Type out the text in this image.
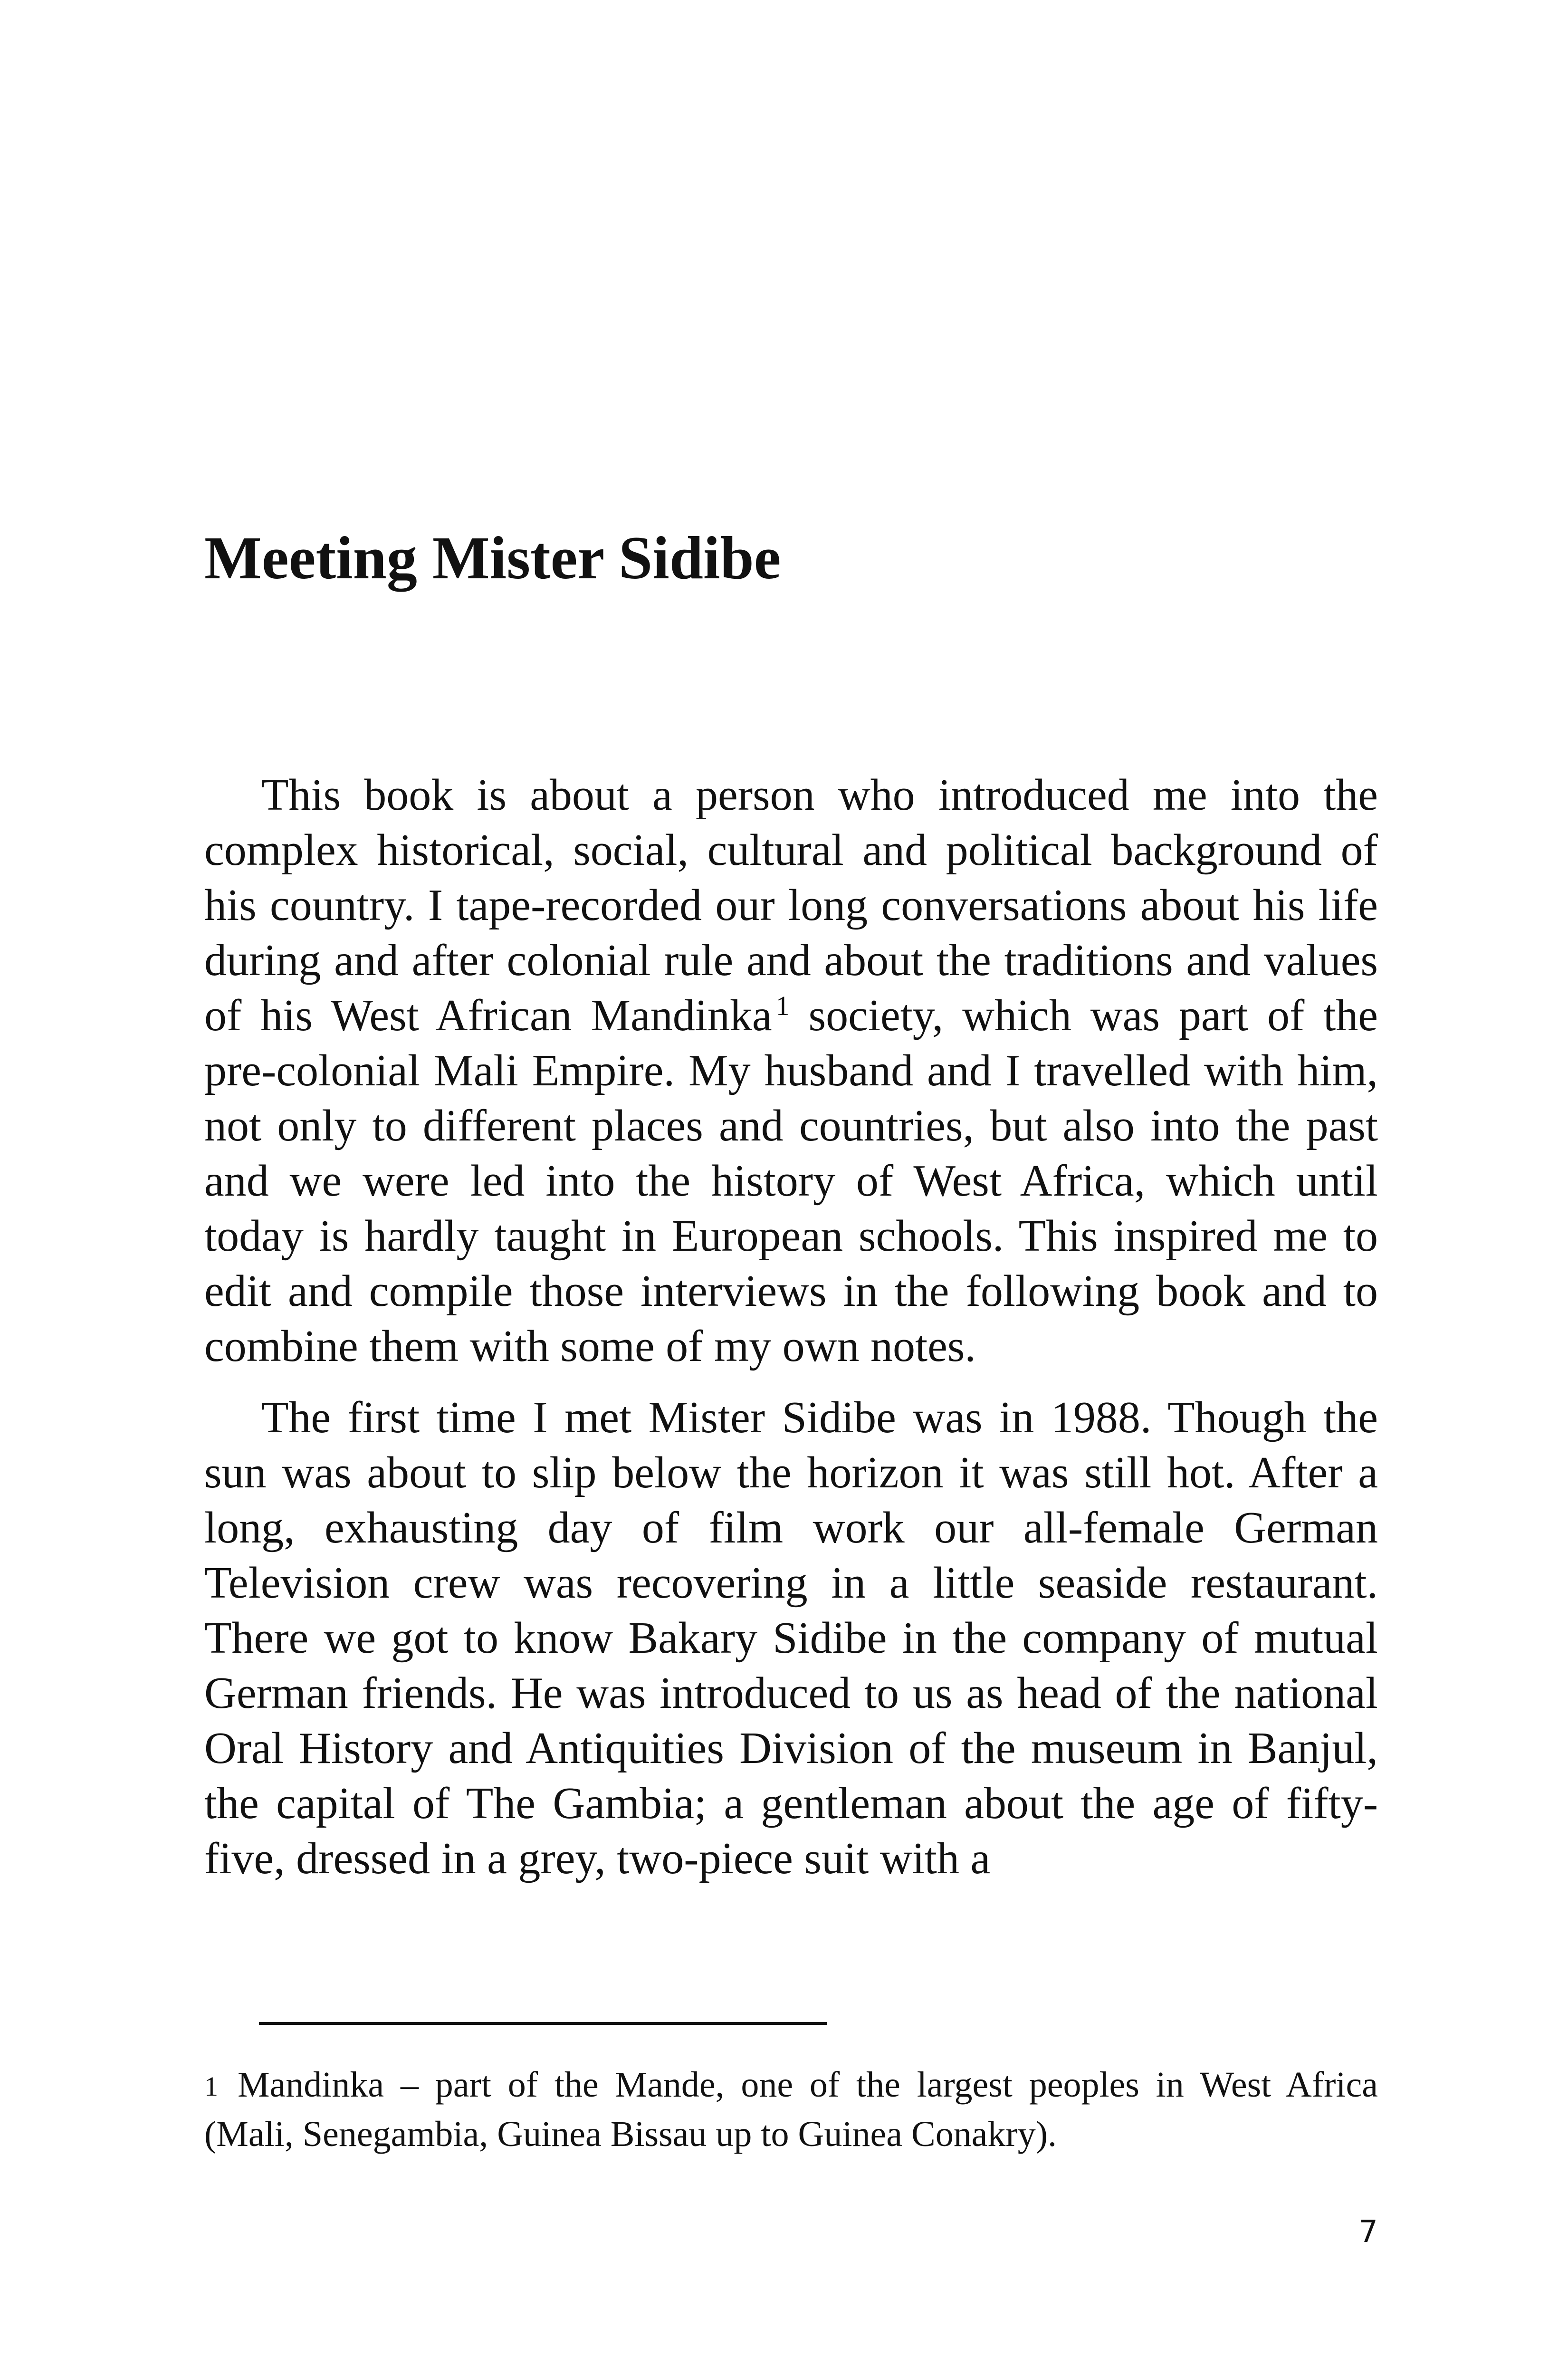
Meeting Mister Sidibe

This book is about a person who introduced me into the complex historical, social, cultural and political background of his country. I tape-recorded our long conversations about his life during and after colonial rule and about the traditions and values of his West African Mandinka $^1$ society, which was part of the pre-colonial Mali Empire. My husband and I travelled with him, not only to different places and countries, but also into the past and we were led into the history of West Africa, which until today is hardly taught in European schools. This inspired me to edit and compile those interviews in the following book and to combine them with some of my own notes.

The first time I met Mister Sidibe was in 1988. Though the sun was about to slip below the horizon it was still hot. After a long, exhausting day of film work our all-female German Television crew was recovering in a little seaside restaurant. There we got to know Bakary Sidibe in the company of mutual German friends. He was introduced to us as head of the national Oral History and Antiquities Division of the museum in Banjul, the capital of The Gambia; a gentleman about the age of fifty-five, dressed in a grey, two-piece suit with a

1 Mandinka – part of the Mande, one of the largest peoples in West Africa (Mali, Senegambia, Guinea Bissau up to Guinea Conakry).

7
